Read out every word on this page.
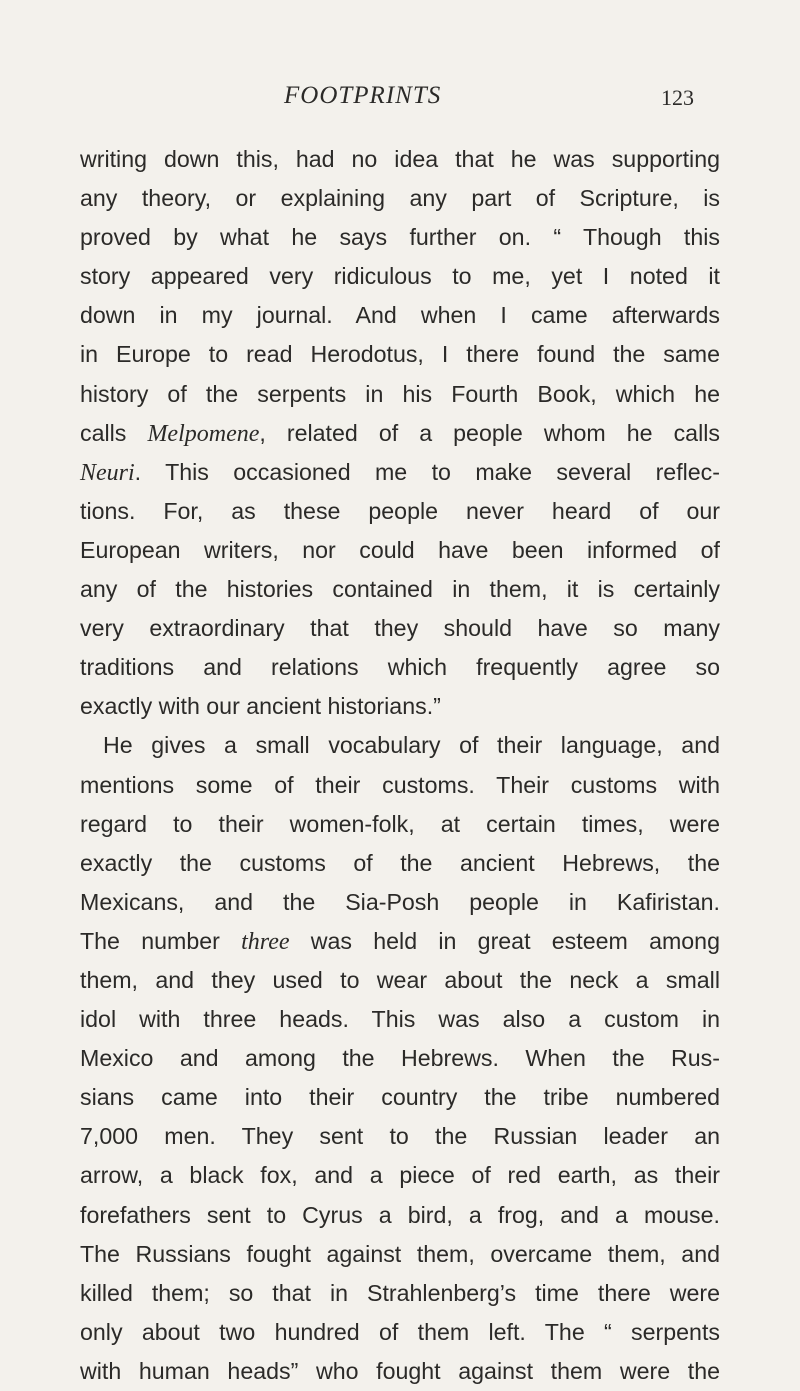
FOOTPRINTS	123
writing down this, had no idea that he was supporting
any theory, or explaining any part of Scripture, is
proved by what he says further on. “ Though this
story appeared very ridiculous to me, yet I noted it
down in my journal. And when I came afterwards
in Europe to read Herodotus, I there found the same
history of the serpents in his Fourth Book, which he
calls Melpomene, related of a people whom he calls
Neuri. This occasioned me to make several reflec-
tions. For, as these people never heard of our
European writers, nor could have been informed of
any of the histories contained in them, it is certainly
very extraordinary that they should have so many
traditions and relations which frequently agree so
exactly with our ancient historians.”
He gives a small vocabulary of their language, and
mentions some of their customs. Their customs with
regard to their women-folk, at certain times, were
exactly the customs of the ancient Hebrews, the
Mexicans, and the Sia-Posh people in Kafiristan.
The number three was held in great esteem among
them, and they used to wear about the neck a small
idol with three heads. This was also a custom in
Mexico and among the Hebrews. When the Rus-
sians came into their country the tribe numbered
7,000 men. They sent to the Russian leader an
arrow, a black fox, and a piece of red earth, as their
forefathers sent to Cyrus a bird, a frog, and a mouse.
The Russians fought against them, overcame them, and
killed them; so that in Strahlenberg’s time there were
only about two hundred of them left. The “ serpents
with human heads” who fought against them were the
